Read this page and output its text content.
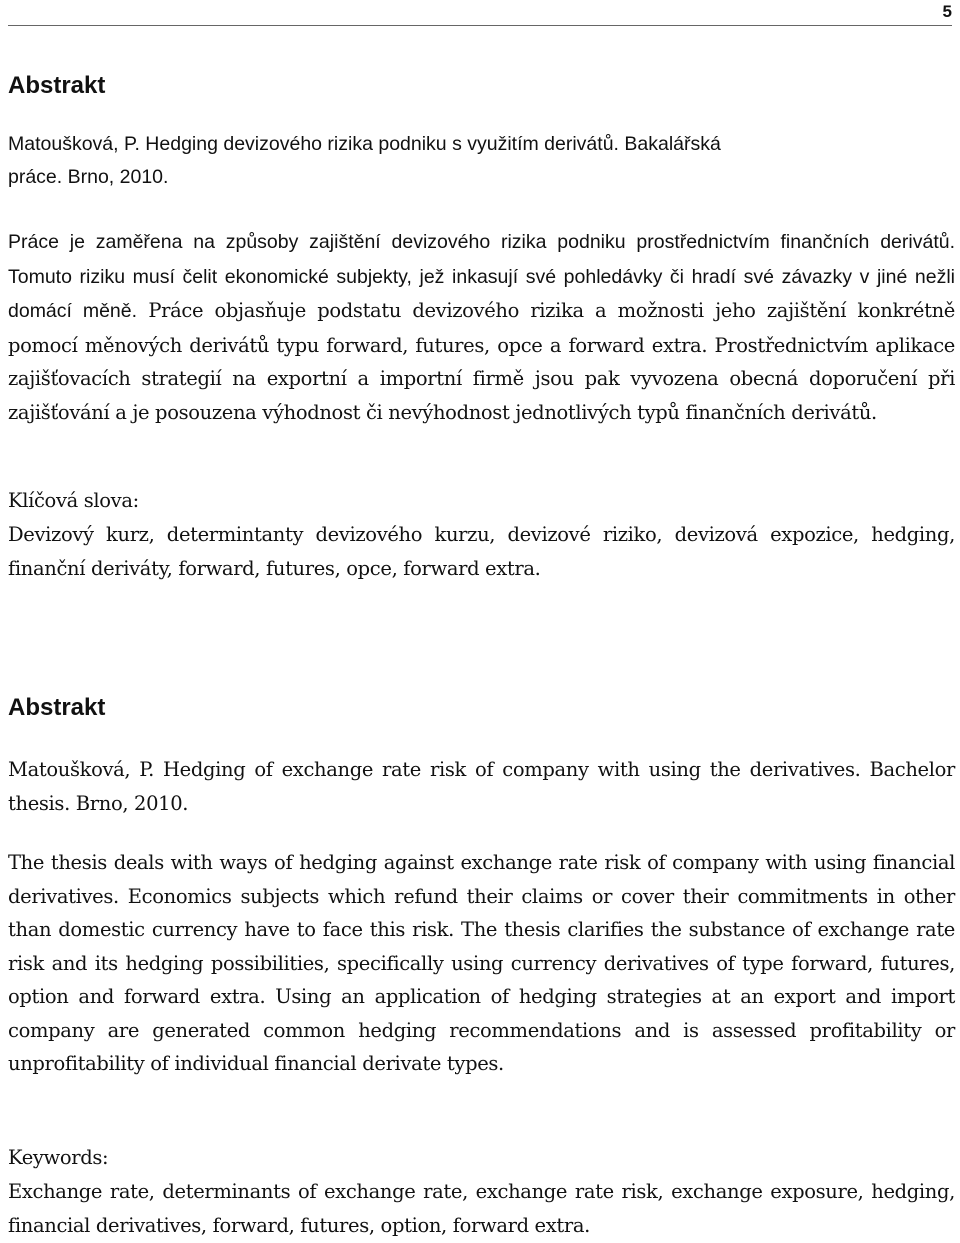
5
Abstrakt

Matoušková, P. Hedging devizového rizika podniku s využitím derivátů. Bakalářská

práce. Brno, 2010.

Práce je zaměřena na způsoby zajištění devizového rizika podniku prostřednictvím finančních derivátů. Tomuto riziku musí čelit ekonomické subjekty, jež inkasují své pohledávky či hradí své závazky v jiné nežli domácí měně. Práce objasňuje podstatu devizového rizika a možnosti jeho zajištění konkrétně pomocí měnových derivátů typu forward, futures, opce a forward extra. Prostřednictvím aplikace zajišťovacích strategií na exportní a importní firmě jsou pak vyvozena obecná doporučení při zajišťování a je posouzena výhodnost či nevýhodnost jednotlivých typů finančních derivátů.

Klíčová slova:

Devizový kurz, determintanty devizového kurzu, devizové riziko, devizová expozice, hedging, finanční deriváty, forward, futures, opce, forward extra.

Abstrakt

Matoušková, P. Hedging of exchange rate risk of company with using the derivatives. Bachelor thesis. Brno, 2010.

The thesis deals with ways of hedging against exchange rate risk of company with using financial derivatives. Economics subjects which refund their claims or cover their commitments in other than domestic currency have to face this risk. The thesis clarifies the substance of exchange rate risk and its hedging possibilities, specifically using currency derivatives of type forward, futures, option and forward extra. Using an application of hedging strategies at an export and import company are generated common hedging recommendations and is assessed profitability or unprofitability of individual financial derivate types.

Keywords:

Exchange rate, determinants of exchange rate, exchange rate risk, exchange exposure, hedging, financial derivatives, forward, futures, option, forward extra.
